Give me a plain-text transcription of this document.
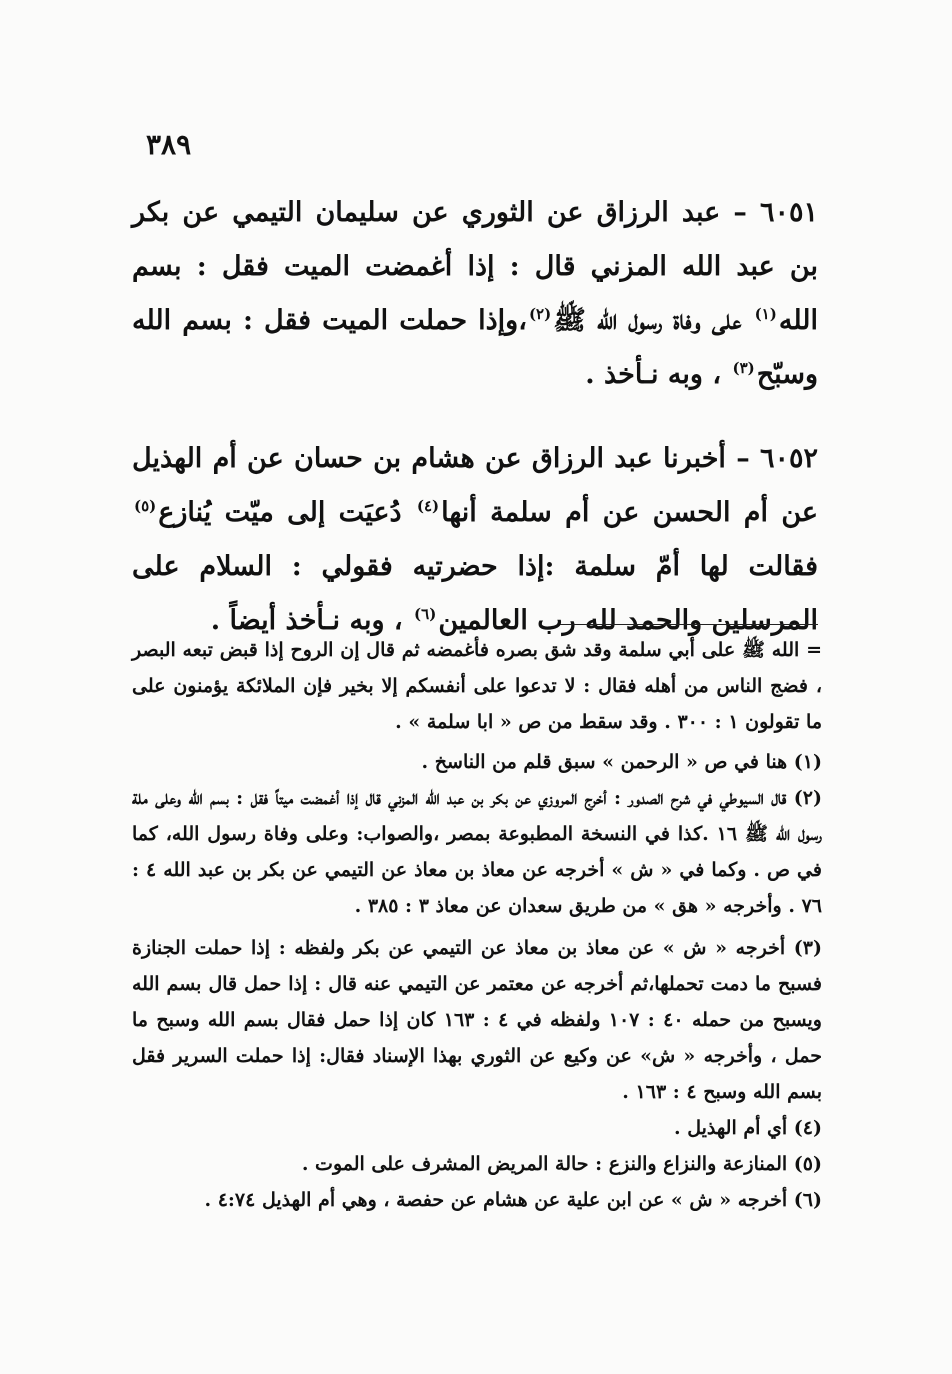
٣٨٩

٦٠٥١ – عبد الرزاق عن الثوري عن سليمان التيمي عن بكر بن عبد الله المزني قال : إذا أغمضت الميت فقل : بسم الله$^{(١)}$ على وفاة رسول الله ﷺ$^{(٢)}$،وإذا حملت الميت فقل : بسم الله وسبّح$^{(٣)}$ ، وبه نـأخذ .

٦٠٥٢ – أخبرنا عبد الرزاق عن هشام بن حسان عن أم الهذيل عن أم الحسن عن أم سلمة أنها$^{(٤)}$ دُعيَت إلى ميّت يُنازع$^{(٥)}$ فقالت لها أمّ سلمة :إذا حضرتيه فقولي : السلام على المرسلين والحمد لله رب العالمين$^{(٦)}$ ، وبه نـأخذ أيضاً .

= الله ﷺ على أبي سلمة وقد شق بصره فأغمضه ثم قال إن الروح إذا قبض تبعه البصر ، فضج الناس من أهله فقال : لا تدعوا على أنفسكم إلا بخير فإن الملائكة يؤمنون على ما تقولون ١ : ٣٠٠ . وقد سقط من ص « ابا سلمة » .

(١) هنا في ص « الرحمن » سبق قلم من الناسخ .

(٢) قال السيوطي في شرح الصدور : أخرج المروزي عن بكر بن عبد الله المزني قال إذا أغمضت ميتاً فقل : بسم الله وعلى ملة رسول الله ﷺ ١٦ .كذا في النسخة المطبوعة بمصر ،والصواب: وعلى وفاة رسول الله، كما في ص . وكما في « ش » أخرجه عن معاذ بن معاذ عن التيمي عن بكر بن عبد الله ٤ : ٧٦ . وأخرجه « هق » من طريق سعدان عن معاذ ٣ : ٣٨٥ .

(٣) أخرجه « ش » عن معاذ بن معاذ عن التيمي عن بكر ولفظه : إذا حملت الجنازة فسبح ما دمت تحملها،ثم أخرجه عن معتمر عن التيمي عنه قال : إذا حمل قال بسم الله ويسبح من حمله ٤٠ : ١٠٧ ولفظه في ٤ : ١٦٣ كان إذا حمل فقال بسم الله وسبح ما حمل ، وأخرجه « ش» عن وكيع عن الثوري بهذا الإسناد فقال: إذا حملت السرير فقل بسم الله وسبح ٤ : ١٦٣ .

(٤) أي أم الهذيل .

(٥) المنازعة والنزاع والنزع : حالة المريض المشرف على الموت .

(٦) أخرجه « ش » عن ابن علية عن هشام عن حفصة ، وهي أم الهذيل ٤:٧٤ .
